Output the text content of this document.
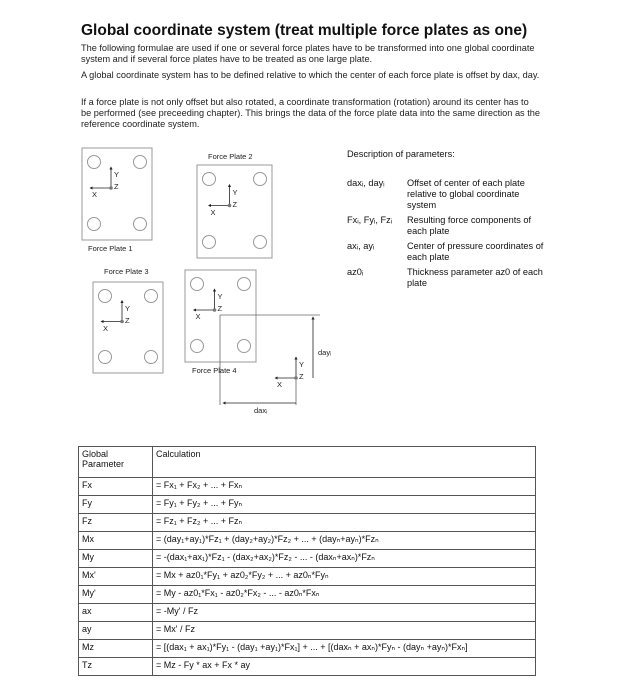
Global coordinate system (treat multiple force plates as one)
The following formulae are used if one or several force plates have to be transformed into one global coordinate system and if several force plates have to be treated as one large plate.
A global coordinate system has to be defined relative to which the center of each force plate is offset by dax, day.
If a force plate is not only offset but also rotated, a coordinate transformation (rotation) around its center has to be performed (see preceeding chapter). This brings the data of the force plate data into the same direction as the reference coordinate system.
Force Plate 1
Force Plate 2
Force Plate 3
Force Plate 4
dayᵢ
daxᵢ
Y
X
Z
Y
X
Z
Y
X
Z
Y
X
Z
Y
X
Z
Description of parameters:
daxᵢ, dayᵢ	Offset of center of each plate relative to global coordinate system
Fxᵢ, Fyᵢ, Fzᵢ	Resulting force components of each plate
axᵢ, ayᵢ	Center of pressure coordinates of each plate
az0ᵢ	Thickness parameter az0 of each plate
Global Parameter	Calculation
Fx	= Fx₁ + Fx₂ + ... + Fxₙ
Fy	= Fy₁ + Fy₂ + ... + Fyₙ
Fz	= Fz₁ + Fz₂ + ... + Fzₙ
Mx	= (day₁+ay₁)*Fz₁ + (day₂+ay₂)*Fz₂ + ... + (dayₙ+ayₙ)*Fzₙ
My	= -(dax₁+ax₁)*Fz₁ - (dax₂+ax₂)*Fz₂ - ... - (daxₙ+axₙ)*Fzₙ
Mx'	= Mx + az0₁*Fy₁ + az0₂*Fy₂ + ... + az0ₙ*Fyₙ
My'	= My - az0₁*Fx₁ - az0₂*Fx₂ - ... - az0ₙ*Fxₙ
ax	= -My' / Fz
ay	= Mx' / Fz
Mz	= [(dax₁ + ax₁)*Fy₁ - (day₁ +ay₁)*Fx₁] + ... + [(daxₙ + axₙ)*Fyₙ - (dayₙ +ayₙ)*Fxₙ]
Tz	= Mz - Fy * ax + Fx * ay
